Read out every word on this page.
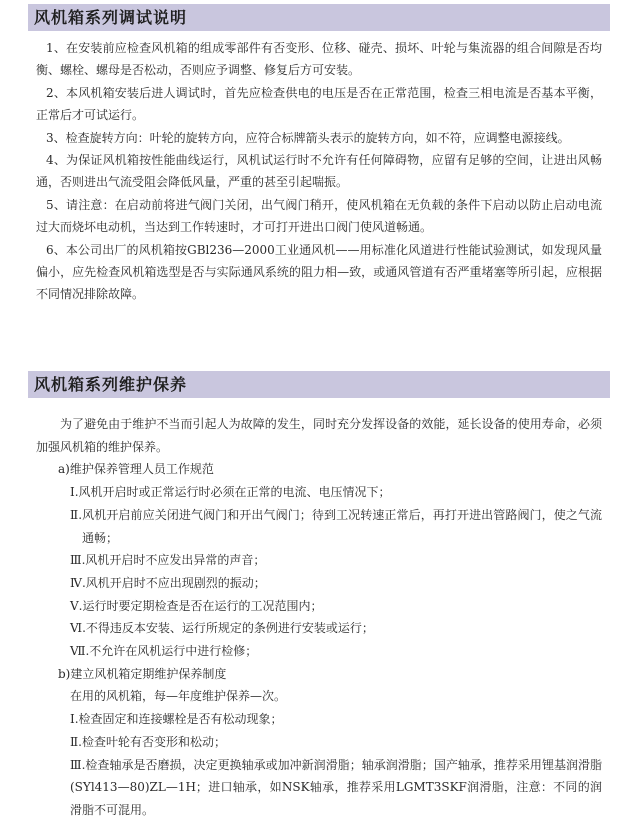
风机箱系列调试说明

1、在安装前应检查风机箱的组成零部件有否变形、位移、碰壳、损坏、叶轮与集流器的组合间隙是否均衡、螺栓、螺母是否松动，否则应予调整、修复后方可安装。

2、本风机箱安装后进人调试时，首先应检查供电的电压是否在正常范围，检查三相电流是否基本平衡，正常后才可试运行。

3、检查旋转方向：叶轮的旋转方向，应符合标牌箭头表示的旋转方向，如不符，应调整电源接线。

4、为保证风机箱按性能曲线运行，风机试运行时不允许有任何障碍物，应留有足够的空间，让进出风畅通，否则进出气流受阻会降低风量，严重的甚至引起喘振。

5、请注意：在启动前将进气阀门关闭，出气阀门稍开，使风机箱在无负载的条件下启动以防止启动电流过大而烧坏电动机，当达到工作转速时，才可打开进出口阀门使风道畅通。

6、本公司出厂的风机箱按GBl236—2000工业通风机——用标准化风道进行性能试验测试，如发现风量偏小，应先检查风机箱选型是否与实际通风系统的阻力相—致，或通风管道有否严重堵塞等所引起，应根据不同情况排除故障。

风机箱系列维护保养

为了避免由于维护不当而引起人为故障的发生，同时充分发挥设备的效能，延长设备的使用寿命，必须加强风机箱的维护保养。

a)维护保养管理人员工作规范

Ⅰ.风机开启时或正常运行时必须在正常的电流、电压情况下；

Ⅱ.风机开启前应关闭进气阀门和开出气阀门；待到工况转速正常后，再打开进出管路阀门，使之气流通畅；

Ⅲ.风机开启时不应发出异常的声音；

Ⅳ.风机开启时不应出现剧烈的振动；

Ⅴ.运行时要定期检查是否在运行的工况范围内；

Ⅵ.不得违反本安装、运行所规定的条例进行安装或运行；

Ⅶ.不允许在风机运行中进行检修；

b)建立风机箱定期维护保养制度

在用的风机箱，每—年度维护保养—次。

Ⅰ.检查固定和连接螺栓是否有松动现象；

Ⅱ.检查叶轮有否变形和松动；

Ⅲ.检查轴承是否磨损，决定更换轴承或加冲新润滑脂；轴承润滑脂；国产轴承，推荐采用锂基润滑脂(SYl413—80)ZL—1H；进口轴承，如NSK轴承，推荐采用LGMT3SKF润滑脂，注意：不同的润滑脂不可混用。
